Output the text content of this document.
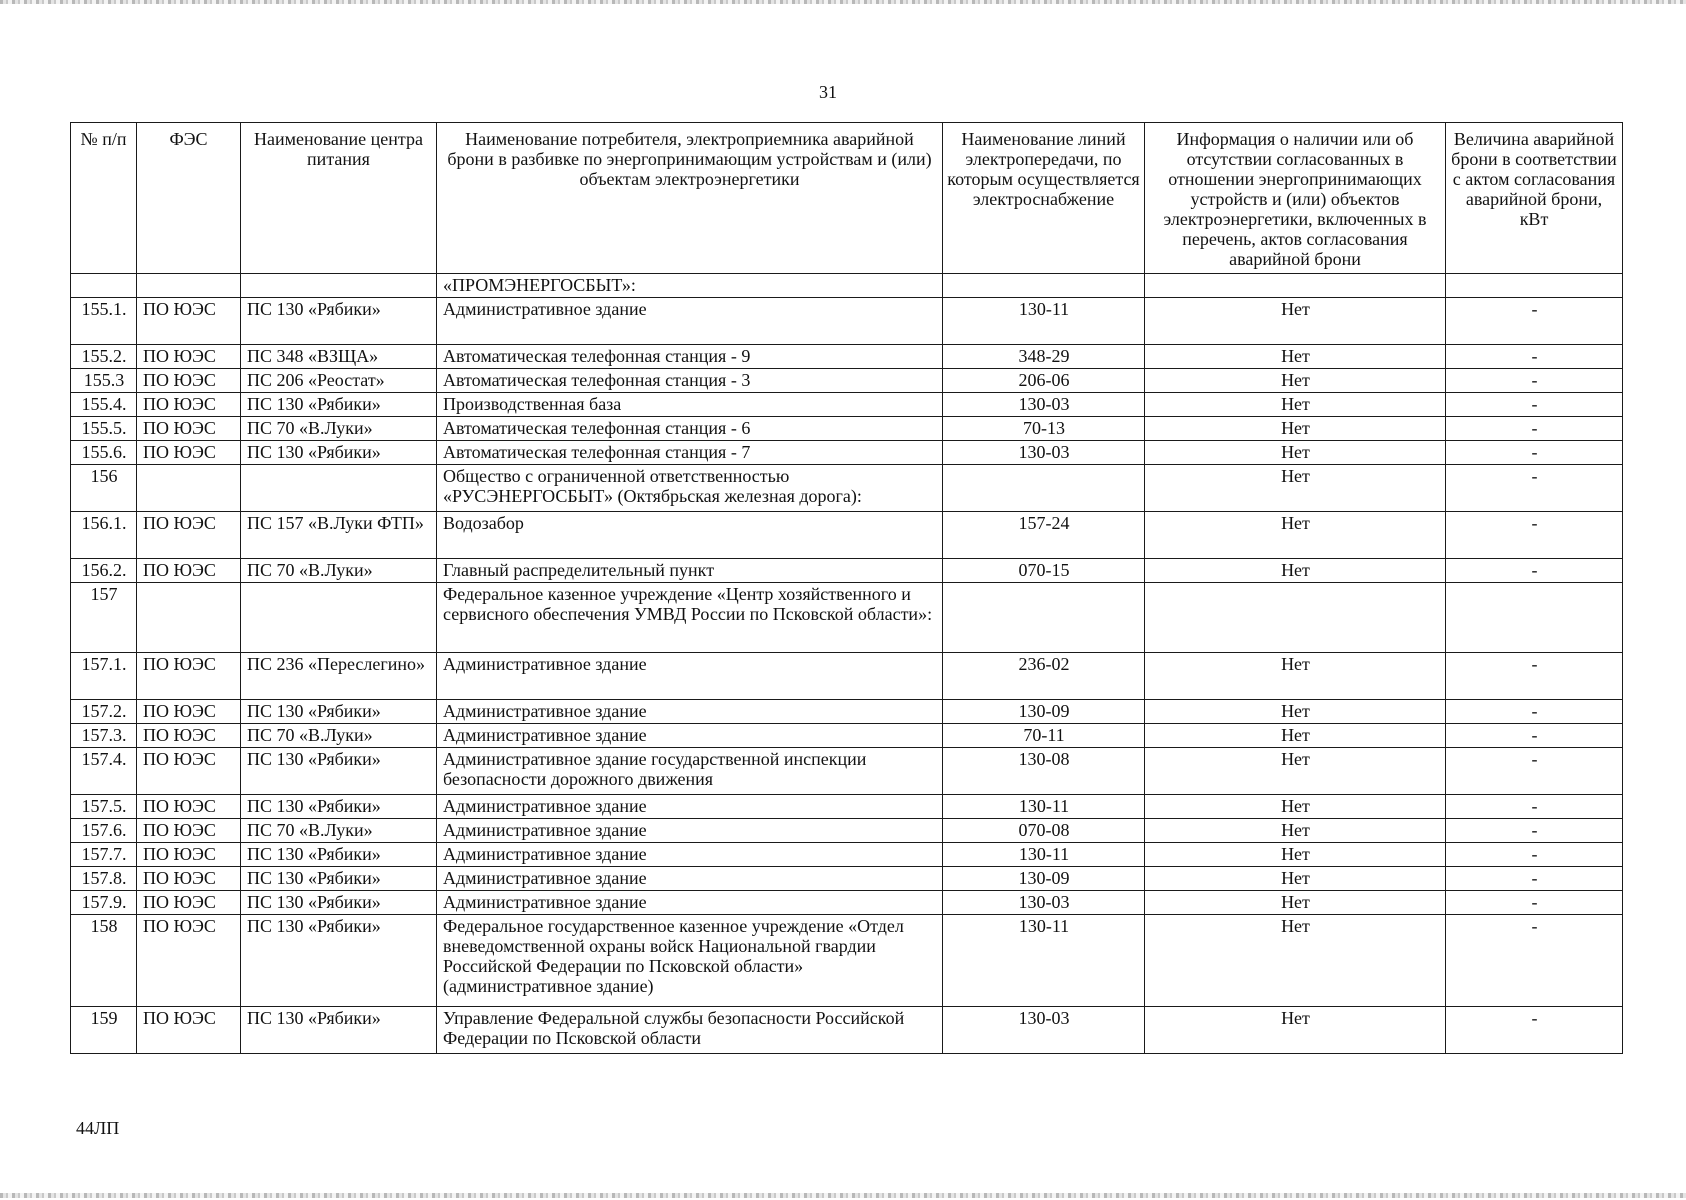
31
№ п/п	ФЭС	Наименование центра питания	Наименование потребителя, электроприемника аварийной брони в разбивке по энергопринимающим устройствам и (или) объектам электроэнергетики	Наименование линий электропередачи, по которым осуществляется электроснабжение	Информация о наличии или об отсутствии согласованных в отношении энергопринимающих устройств и (или) объектов электроэнергетики, включенных в перечень, актов согласования аварийной брони	Величина аварийной брони в соответствии с актом согласования аварийной брони, кВт
			«ПРОМЭНЕРГОСБЫТ»:			
155.1.	ПО ЮЭС	ПС 130 «Рябики»	Административное здание	130-11	Нет	-
155.2.	ПО ЮЭС	ПС 348 «ВЗЩА»	Автоматическая телефонная станция - 9	348-29	Нет	-
155.3	ПО ЮЭС	ПС 206 «Реостат»	Автоматическая телефонная станция - 3	206-06	Нет	-
155.4.	ПО ЮЭС	ПС 130 «Рябики»	Производственная база	130-03	Нет	-
155.5.	ПО ЮЭС	ПС 70 «В.Луки»	Автоматическая телефонная станция - 6	70-13	Нет	-
155.6.	ПО ЮЭС	ПС 130 «Рябики»	Автоматическая телефонная станция - 7	130-03	Нет	-
156			Общество с ограниченной ответственностью «РУСЭНЕРГОСБЫТ» (Октябрьская железная дорога):		Нет	-
156.1.	ПО ЮЭС	ПС 157 «В.Луки ФТП»	Водозабор	157-24	Нет	-
156.2.	ПО ЮЭС	ПС 70 «В.Луки»	Главный распределительный пункт	070-15	Нет	-
157			Федеральное казенное учреждение «Центр хозяйственного и сервисного обеспечения УМВД России по Псковской области»:			
157.1.	ПО ЮЭС	ПС 236 «Переслегино»	Административное здание	236-02	Нет	-
157.2.	ПО ЮЭС	ПС 130 «Рябики»	Административное здание	130-09	Нет	-
157.3.	ПО ЮЭС	ПС 70 «В.Луки»	Административное здание	70-11	Нет	-
157.4.	ПО ЮЭС	ПС 130 «Рябики»	Административное здание государственной инспекции безопасности дорожного движения	130-08	Нет	-
157.5.	ПО ЮЭС	ПС 130 «Рябики»	Административное здание	130-11	Нет	-
157.6.	ПО ЮЭС	ПС 70 «В.Луки»	Административное здание	070-08	Нет	-
157.7.	ПО ЮЭС	ПС 130 «Рябики»	Административное здание	130-11	Нет	-
157.8.	ПО ЮЭС	ПС 130 «Рябики»	Административное здание	130-09	Нет	-
157.9.	ПО ЮЭС	ПС 130 «Рябики»	Административное здание	130-03	Нет	-
158	ПО ЮЭС	ПС 130 «Рябики»	Федеральное государственное казенное учреждение «Отдел вневедомственной охраны войск Национальной гвардии Российской Федерации по Псковской области» (административное здание)	130-11	Нет	-
159	ПО ЮЭС	ПС 130 «Рябики»	Управление Федеральной службы безопасности Российской Федерации по Псковской области	130-03	Нет	-
44ЛП
